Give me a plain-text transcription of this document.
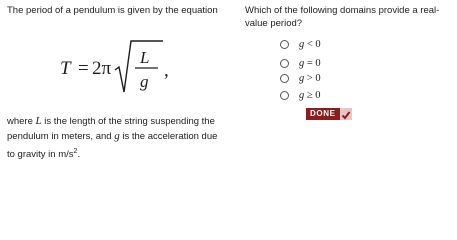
The period of a pendulum is given by the equation
T = 2π
L
g
,
where L is the length of the string suspending the
pendulum in meters, and g is the acceleration due
to gravity in $m/s^2$.
Which of the following domains provide a real-value period?
g < 0
g = 0
g > 0
g ≥ 0
DONE
